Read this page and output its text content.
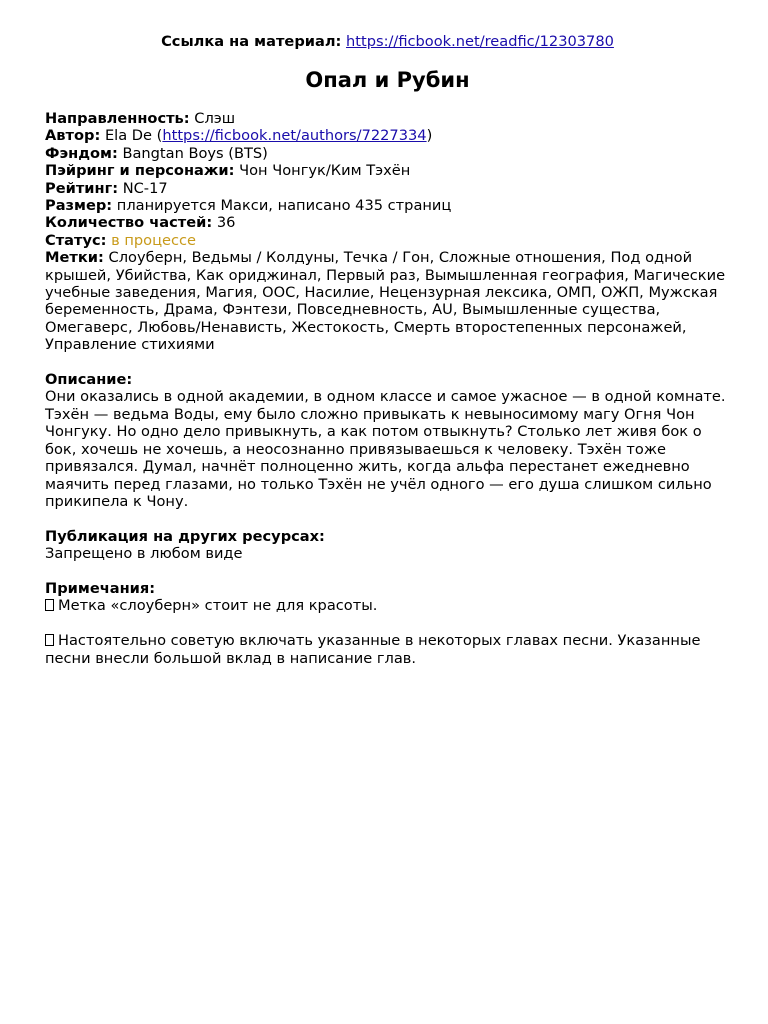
Ссылка на материал: https://ficbook.net/readfic/12303780
Опал и Рубин

Направленность: Слэш

Автор: Ela De (https://ficbook.net/authors/7227334)

Фэндом: Bangtan Boys (BTS)

Пэйринг и персонажи: Чон Чонгук/Ким Тэхён

Рейтинг: NC-17

Размер: планируется Макси, написано 435 страниц

Количество частей: 36

Статус: в процессе

Метки: Слоуберн, Ведьмы / Колдуны, Течка / Гон, Сложные отношения, Под одной крышей, Убийства, Как ориджинал, Первый раз, Вымышленная география, Магические учебные заведения, Магия, ООС, Насилие, Нецензурная лексика, ОМП, ОЖП, Мужская беременность, Драма, Фэнтези, Повседневность, AU, Вымышленные существа, Омегаверс, Любовь/Ненависть, Жестокость, Смерть второстепенных персонажей, Управление стихиями

Описание:
Они оказались в одной академии, в одном классе и самое ужасное — в одной комнате. Тэхён — ведьма Воды, ему было сложно привыкать к невыносимому магу Огня Чон Чонгуку. Но одно дело привыкнуть, а как потом отвыкнуть? Столько лет живя бок о бок, хочешь не хочешь, а неосознанно привязываешься к человеку. Тэхён тоже привязался. Думал, начнёт полноценно жить, когда альфа перестанет ежедневно маячить перед глазами, но только Тэхён не учёл одного — его душа слишком сильно прикипела к Чону.
Публикация на других ресурсах:
Запрещено в любом виде
Примечания:
Метка «слоуберн» стоит не для красоты.
Настоятельно советую включать указанные в некоторых главах песни. Указанные песни внесли большой вклад в написание глав.
